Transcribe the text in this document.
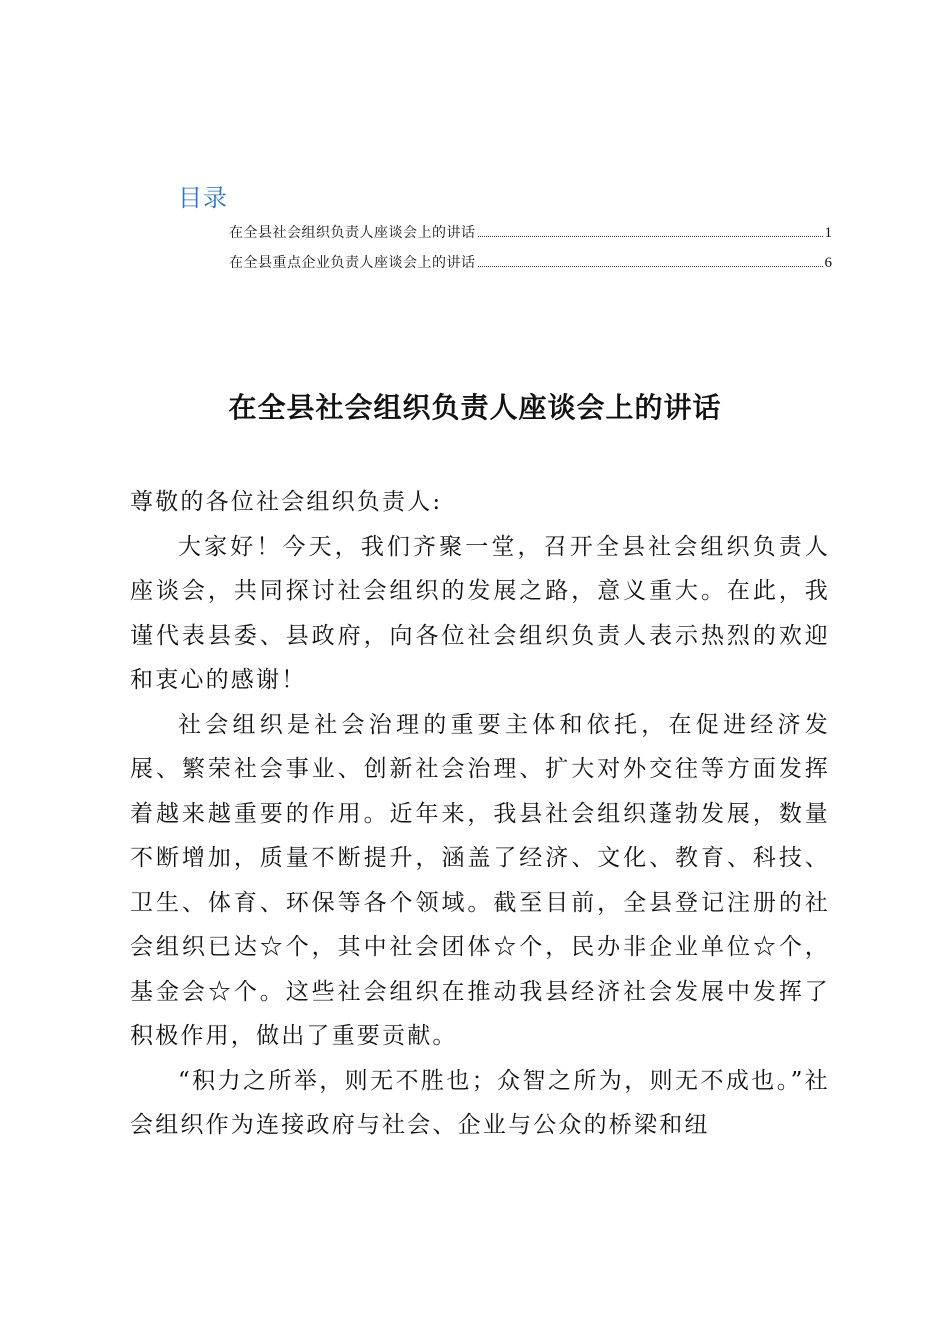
目录
在全县社会组织负责人座谈会上的讲话	1
在全县重点企业负责人座谈会上的讲话	6
在全县社会组织负责人座谈会上的讲话

尊敬的各位社会组织负责人:

大家好！今天，我们齐聚一堂，召开全县社会组织负责人座谈会，共同探讨社会组织的发展之路，意义重大。在此，我谨代表县委、县政府，向各位社会组织负责人表示热烈的欢迎和衷心的感谢！

社会组织是社会治理的重要主体和依托，在促进经济发展、繁荣社会事业、创新社会治理、扩大对外交往等方面发挥着越来越重要的作用。近年来，我县社会组织蓬勃发展，数量不断增加，质量不断提升，涵盖了经济、文化、教育、科技、卫生、体育、环保等各个领域。截至目前，全县登记注册的社会组织已达☆个，其中社会团体☆个，民办非企业单位☆个，基金会☆个。这些社会组织在推动我县经济社会发展中发挥了积极作用，做出了重要贡献。

“积力之所举，则无不胜也；众智之所为，则无不成也。”社会组织作为连接政府与社会、企业与公众的桥梁和纽
